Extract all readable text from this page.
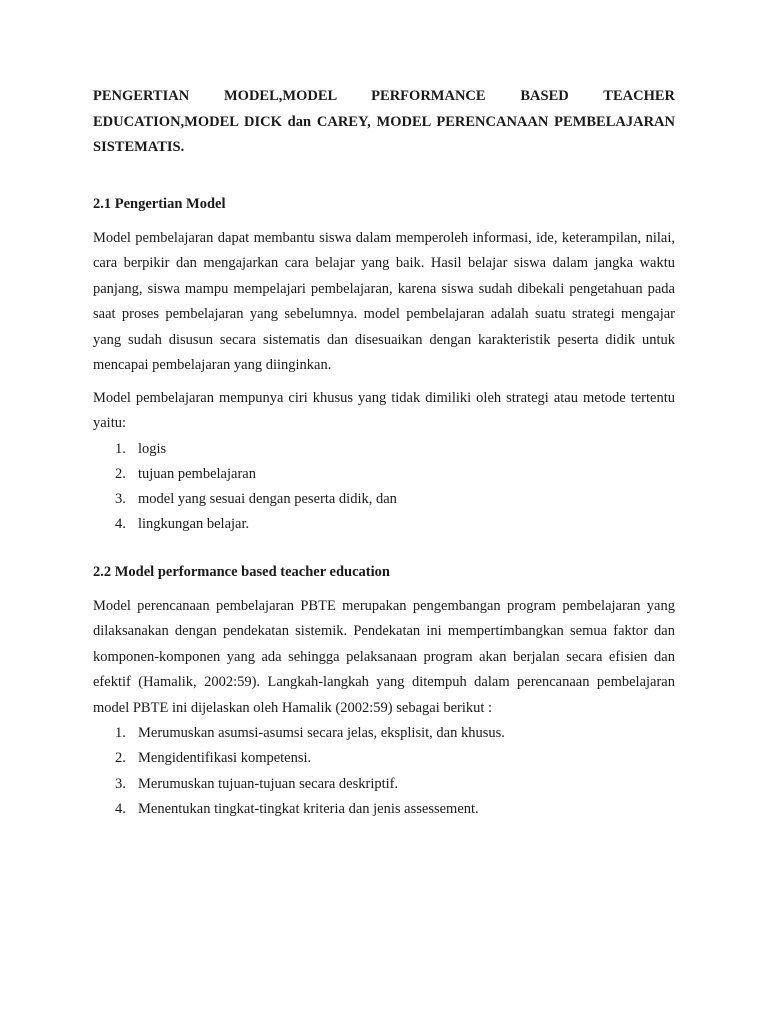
PENGERTIAN MODEL,MODEL PERFORMANCE BASED TEACHER EDUCATION,MODEL DICK dan CAREY, MODEL PERENCANAAN PEMBELAJARAN SISTEMATIS.

2.1 Pengertian Model

Model pembelajaran dapat membantu siswa dalam memperoleh informasi, ide, keterampilan, nilai, cara berpikir dan mengajarkan cara belajar yang baik. Hasil belajar siswa dalam jangka waktu panjang, siswa mampu mempelajari pembelajaran, karena siswa sudah dibekali pengetahuan pada saat proses pembelajaran yang sebelumnya. model pembelajaran adalah suatu strategi mengajar yang sudah disusun secara sistematis dan disesuaikan dengan karakteristik peserta didik untuk mencapai pembelajaran yang diinginkan.

Model pembelajaran mempunya ciri khusus yang tidak dimiliki oleh strategi atau metode tertentu yaitu:

1. logis
2. tujuan pembelajaran
3. model yang sesuai dengan peserta didik, dan
4. lingkungan belajar.

2.2 Model performance based teacher education

Model perencanaan pembelajaran PBTE merupakan pengembangan program pembelajaran yang dilaksanakan dengan pendekatan sistemik. Pendekatan ini mempertimbangkan semua faktor dan komponen-komponen yang ada sehingga pelaksanaan program akan berjalan secara efisien dan efektif (Hamalik, 2002:59). Langkah-langkah yang ditempuh dalam perencanaan pembelajaran model PBTE ini dijelaskan oleh Hamalik (2002:59) sebagai berikut :

1. Merumuskan asumsi-asumsi secara jelas, eksplisit, dan khusus.
2. Mengidentifikasi kompetensi.
3. Merumuskan tujuan-tujuan secara deskriptif.
4. Menentukan tingkat-tingkat kriteria dan jenis assessement.
